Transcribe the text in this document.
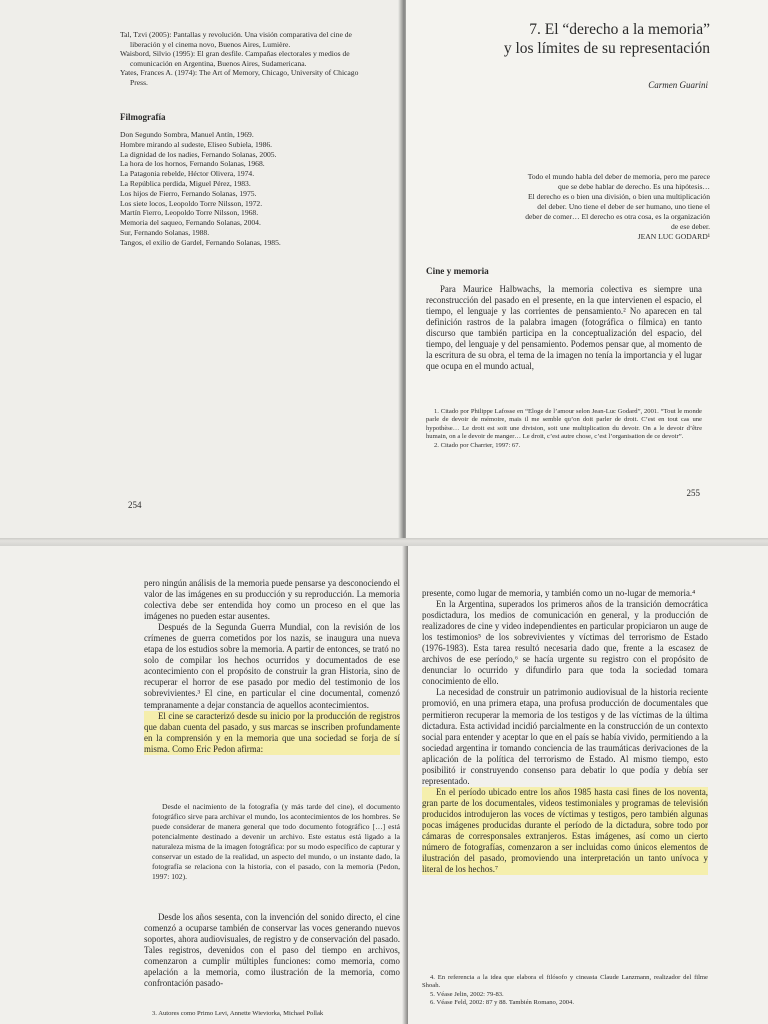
Tal, Tzvi (2005): Pantallas y revolución. Una visión comparativa del cine de liberación y el cinema novo, Buenos Aires, Lumière.

Waisbord, Silvio (1995): El gran desfile. Campañas electorales y medios de comunicación en Argentina, Buenos Aires, Sudamericana.

Yates, Frances A. (1974): The Art of Memory, Chicago, University of Chicago Press.

Filmografía

Don Segundo Sombra, Manuel Antín, 1969.

Hombre mirando al sudeste, Eliseo Subiela, 1986.

La dignidad de los nadies, Fernando Solanas, 2005.

La hora de los hornos, Fernando Solanas, 1968.

La Patagonia rebelde, Héctor Olivera, 1974.

La República perdida, Miguel Pérez, 1983.

Los hijos de Fierro, Fernando Solanas, 1975.

Los siete locos, Leopoldo Torre Nilsson, 1972.

Martín Fierro, Leopoldo Torre Nilsson, 1968.

Memoria del saqueo, Fernando Solanas, 2004.

Sur, Fernando Solanas, 1988.

Tangos, el exilio de Gardel, Fernando Solanas, 1985.

254
7. El “derecho a la memoria”
y los límites de su representación
Carmen Guarini
Todo el mundo habla del deber de memoria, pero me parece
que se debe hablar de derecho. Es una hipótesis…
El derecho es o bien una división, o bien una multiplicación
del deber. Uno tiene el deber de ser humano, uno tiene el
deber de comer… El derecho es otra cosa, es la organización
de ese deber.
JEAN LUC GODARD¹
Cine y memoria

Para Maurice Halbwachs, la memoria colectiva es siempre una reconstrucción del pasado en el presente, en la que intervienen el espacio, el tiempo, el lenguaje y las corrientes de pensamiento.² No aparecen en tal definición rastros de la palabra imagen (fotográfica o fílmica) en tanto discurso que también participa en la conceptualización del espacio, del tiempo, del lenguaje y del pensamiento. Podemos pensar que, al momento de la escritura de su obra, el tema de la imagen no tenía la importancia y el lugar que ocupa en el mundo actual,

1. Citado por Philippe Lafosse en “Eloge de l’amour selon Jean-Luc Godard”, 2001. “Tout le monde parle de devoir de mémoire, mais il me semble qu’on doit parler de droit. C’est en tout cas une hypothèse… Le droit est soit une division, soit une multiplication du devoir. On a le devoir d’être humain, on a le devoir de manger… Le droit, c’est autre chose, c’est l’organisation de ce devoir”.

2. Citado por Charrier, 1997: 67.

255

pero ningún análisis de la memoria puede pensarse ya desconociendo el valor de las imágenes en su producción y su reproducción. La memoria colectiva debe ser entendida hoy como un proceso en el que las imágenes no pueden estar ausentes.

Después de la Segunda Guerra Mundial, con la revisión de los crímenes de guerra cometidos por los nazis, se inaugura una nueva etapa de los estudios sobre la memoria. A partir de entonces, se trató no solo de compilar los hechos ocurridos y documentados de ese acontecimiento con el propósito de construir la gran Historia, sino de recuperar el horror de ese pasado por medio del testimonio de los sobrevivientes.³ El cine, en particular el cine documental, comenzó tempranamente a dejar constancia de aquellos acontecimientos.

El cine se caracterizó desde su inicio por la producción de registros que daban cuenta del pasado, y sus marcas se inscriben profundamente en la comprensión y en la memoria que una sociedad se forja de sí misma. Como Eric Pedon afirma:

Desde el nacimiento de la fotografía (y más tarde del cine), el documento fotográfico sirve para archivar el mundo, los acontecimientos de los hombres. Se puede considerar de manera general que todo documento fotográfico […] está potencialmente destinado a devenir un archivo. Este estatus está ligado a la naturaleza misma de la imagen fotográfica: por su modo específico de capturar y conservar un estado de la realidad, un aspecto del mundo, o un instante dado, la fotografía se relaciona con la historia, con el pasado, con la memoria (Pedon, 1997: 102).

Desde los años sesenta, con la invención del sonido directo, el cine comenzó a ocuparse también de conservar las voces generando nuevos soportes, ahora audiovisuales, de registro y de conservación del pasado. Tales registros, devenidos con el paso del tiempo en archivos, comenzaron a cumplir múltiples funciones: como memoria, como apelación a la memoria, como ilustración de la memoria, como confrontación pasado-

3. Autores como Primo Levi, Annette Wieviorka, Michael Pollak

presente, como lugar de memoria, y también como un no-lugar de memoria.⁴

En la Argentina, superados los primeros años de la transición democrática posdictadura, los medios de comunicación en general, y la producción de realizadores de cine y video independientes en particular propiciaron un auge de los testimonios⁵ de los sobrevivientes y víctimas del terrorismo de Estado (1976-1983). Esta tarea resultó necesaria dado que, frente a la escasez de archivos de ese período,⁶ se hacía urgente su registro con el propósito de denunciar lo ocurrido y difundirlo para que toda la sociedad tomara conocimiento de ello.

La necesidad de construir un patrimonio audiovisual de la historia reciente promovió, en una primera etapa, una profusa producción de documentales que permitieron recuperar la memoria de los testigos y de las víctimas de la última dictadura. Esta actividad incidió parcialmente en la construcción de un contexto social para entender y aceptar lo que en el país se había vivido, permitiendo a la sociedad argentina ir tomando conciencia de las traumáticas derivaciones de la aplicación de la política del terrorismo de Estado. Al mismo tiempo, esto posibilitó ir construyendo consenso para debatir lo que podía y debía ser representado.

En el período ubicado entre los años 1985 hasta casi fines de los noventa, gran parte de los documentales, videos testimoniales y programas de televisión producidos introdujeron las voces de víctimas y testigos, pero también algunas pocas imágenes producidas durante el período de la dictadura, sobre todo por cámaras de corresponsales extranjeros. Estas imágenes, así como un cierto número de fotografías, comenzaron a ser incluidas como únicos elementos de ilustración del pasado, promoviendo una interpretación un tanto unívoca y literal de los hechos.⁷

4. En referencia a la idea que elabora el filósofo y cineasta Claude Lanzmann, realizador del filme Shoah.

5. Véase Jelin, 2002: 79-83.

6. Véase Feld, 2002: 87 y 88. También Romano, 2004.
